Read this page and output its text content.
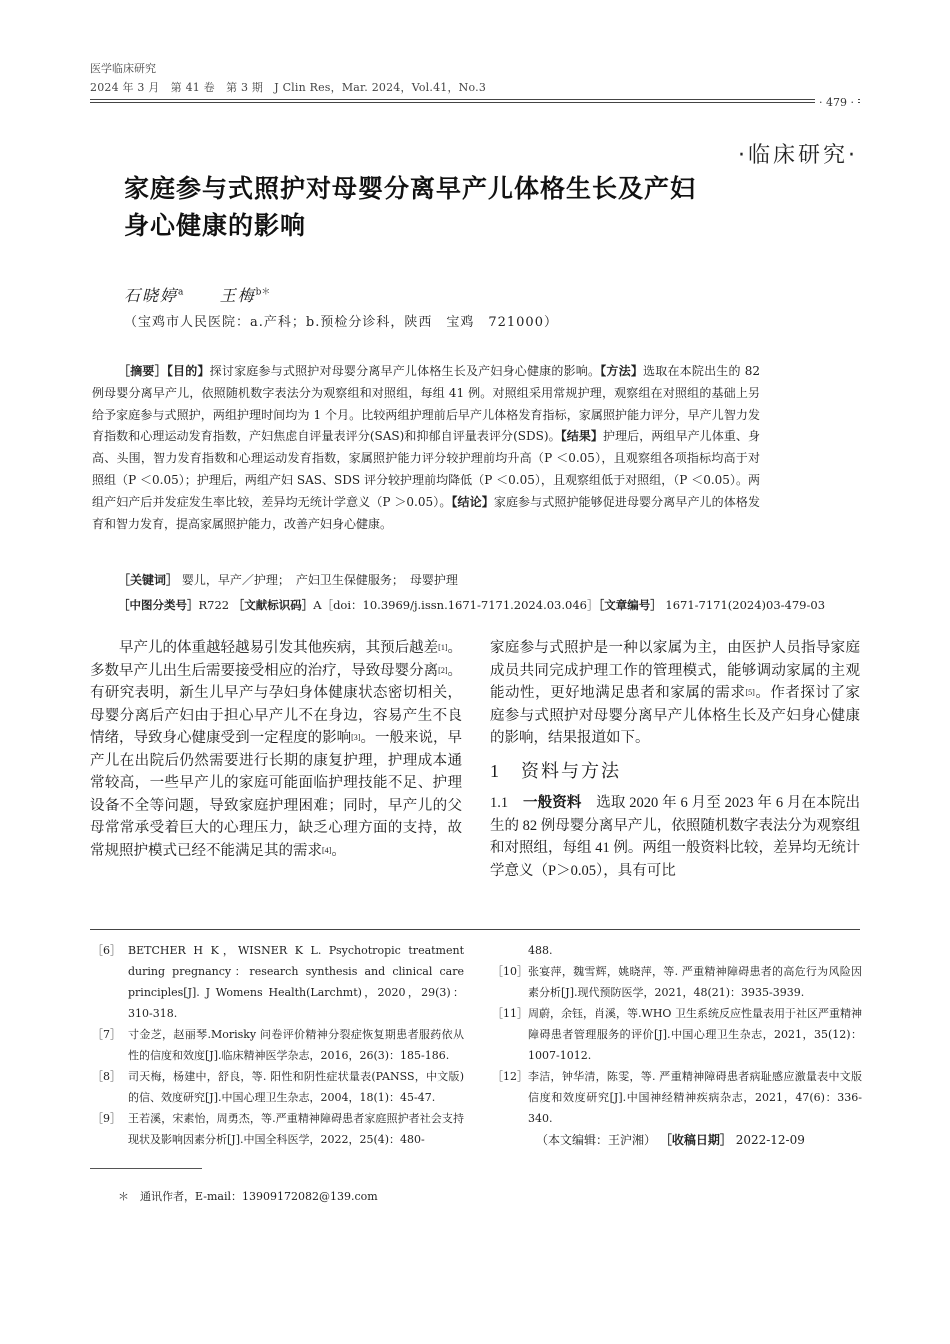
医学临床研究
2024 年 3 月　第 41 卷　第 3 期　J Clin Res，Mar. 2024，Vol.41，No.3
· 479 ·
·临床研究·
家庭参与式照护对母婴分离早产儿体格生长及产妇
身心健康的影响
石晓婷$^a$ 王梅$^{b*}$
（宝鸡市人民医院：a.产科；b.预检分诊科，陕西　宝鸡　721000）
［摘要］【目的】探讨家庭参与式照护对母婴分离早产儿体格生长及产妇身心健康的影响。【方法】选取在本院出生的 82 例母婴分离早产儿，依照随机数字表法分为观察组和对照组，每组 41 例。对照组采用常规护理，观察组在对照组的基础上另给予家庭参与式照护，两组护理时间均为 1 个月。比较两组护理前后早产儿体格发育指标，家属照护能力评分，早产儿智力发育指数和心理运动发育指数，产妇焦虑自评量表评分(SAS)和抑郁自评量表评分(SDS)。【结果】护理后，两组早产儿体重、身高、头围，智力发育指数和心理运动发育指数，家属照护能力评分较护理前均升高（P ＜0.05），且观察组各项指标均高于对照组（P ＜0.05）；护理后，两组产妇 SAS、SDS 评分较护理前均降低（P ＜0.05），且观察组低于对照组，（P ＜0.05）。两组产妇产后并发症发生率比较，差异均无统计学意义（P ＞0.05）。【结论】家庭参与式照护能够促进母婴分离早产儿的体格发育和智力发育，提高家属照护能力，改善产妇身心健康。
［关键词］ 婴儿，早产／护理；　产妇卫生保健服务；　母婴护理
［中图分类号］R722 ［文献标识码］A［doi：10.3969/j.issn.1671-7171.2024.03.046］［文章编号］ 1671-7171(2024)03-479-03
早产儿的体重越轻越易引发其他疾病，其预后越差[1]。多数早产儿出生后需要接受相应的治疗，导致母婴分离[2]。有研究表明，新生儿早产与孕妇身体健康状态密切相关，母婴分离后产妇由于担心早产儿不在身边，容易产生不良情绪，导致身心健康受到一定程度的影响[3]。一般来说，早产儿在出院后仍然需要进行长期的康复护理，护理成本通常较高，一些早产儿的家庭可能面临护理技能不足、护理设备不全等问题，导致家庭护理困难；同时，早产儿的父母常常承受着巨大的心理压力，缺乏心理方面的支持，故常规照护模式已经不能满足其的需求[4]。
家庭参与式照护是一种以家属为主，由医护人员指导家庭成员共同完成护理工作的管理模式，能够调动家属的主观能动性，更好地满足患者和家属的需求[5]。作者探讨了家庭参与式照护对母婴分离早产儿体格生长及产妇身心健康的影响，结果报道如下。
1　资料与方法
1.1　 一般资料　 选取 2020 年 6 月至 2023 年 6 月在本院出生的 82 例母婴分离早产儿，依照随机数字表法分为观察组和对照组，每组 41 例。两组一般资料比较，差异均无统计学意义（P＞0.05），具有可比
［6］ BETCHER H K，WISNER K L. Psychotropic treatment during pregnancy：research synthesis and clinical care principles[J]. J Womens Health(Larchmt)，2020，29(3)：310-318.
［7］ 寸金芝，赵丽琴.Morisky 问卷评价精神分裂症恢复期患者服药依从性的信度和效度[J].临床精神医学杂志，2016，26(3)：185-186.
［8］ 司天梅，杨建中，舒良，等. 阳性和阴性症状量表(PANSS，中文版)的信、效度研究[J].中国心理卫生杂志，2004，18(1)：45-47.
［9］ 王若溪，宋素怡，周勇杰，等.严重精神障碍患者家庭照护者社会支持现状及影响因素分析[J].中国全科医学，2022，25(4)：480-
488.
［10］ 张宴萍，魏雪辉，姚晓萍，等. 严重精神障碍患者的高危行为风险因素分析[J].现代预防医学，2021，48(21)：3935-3939.
［11］ 周蔚，余钰，肖溪，等.WHO 卫生系统反应性量表用于社区严重精神障碍患者管理服务的评价[J].中国心理卫生杂志，2021，35(12)：1007-1012.
［12］ 李洁，钟华清，陈雯，等. 严重精神障碍患者病耻感应激量表中文版信度和效度研究[J].中国神经精神疾病杂志，2021，47(6)：336-340.
（本文编辑：王沪湘） ［收稿日期］ 2022-12-09
＊　通讯作者，E-mail：13909172082@139.com
